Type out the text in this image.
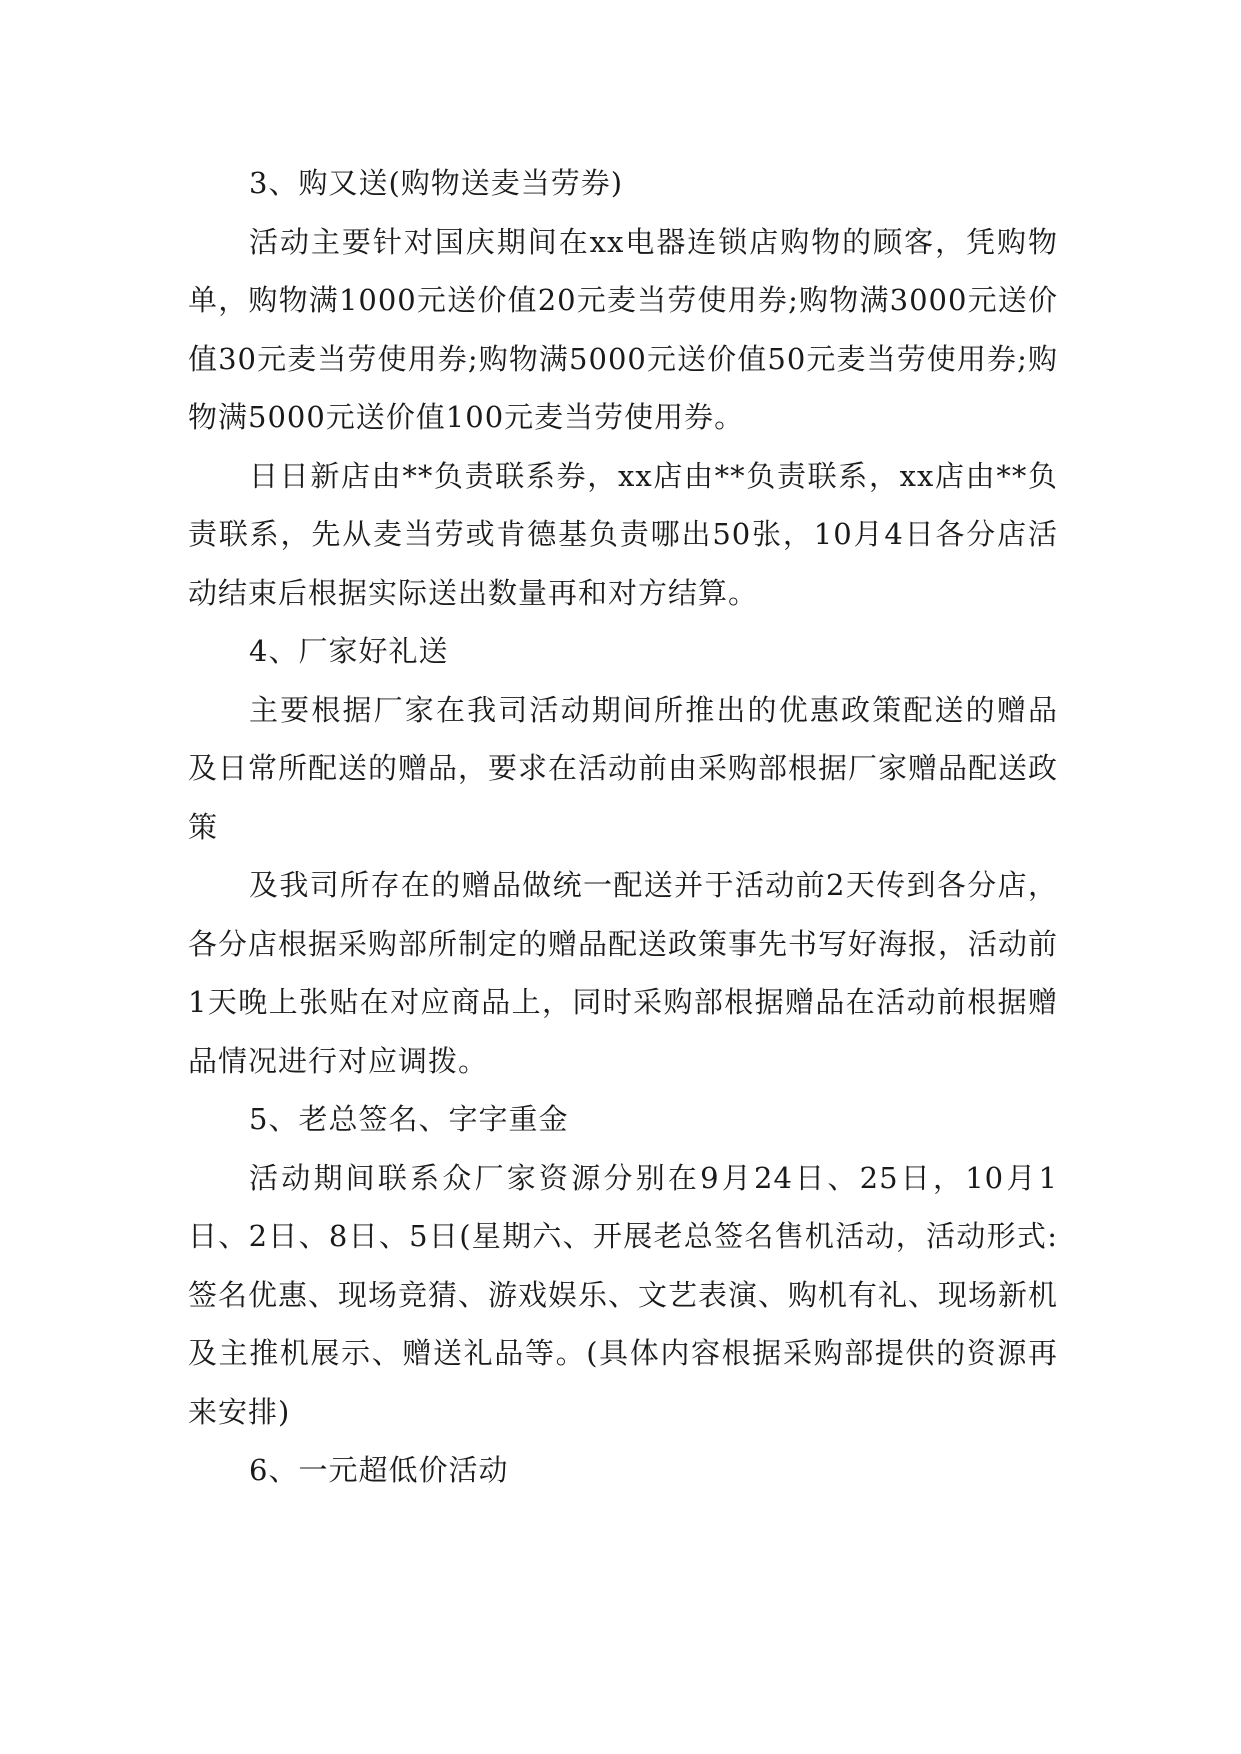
3、购又送(购物送麦当劳券)

活动主要针对国庆期间在xx电器连锁店购物的顾客，凭购物单，购物满1000元送价值20元麦当劳使用券;购物满3000元送价值30元麦当劳使用券;购物满5000元送价值50元麦当劳使用券;购物满5000元送价值100元麦当劳使用券。

日日新店由**负责联系券，xx店由**负责联系，xx店由**负责联系，先从麦当劳或肯德基负责哪出50张，10月4日各分店活动结束后根据实际送出数量再和对方结算。

4、厂家好礼送

主要根据厂家在我司活动期间所推出的优惠政策配送的赠品及日常所配送的赠品，要求在活动前由采购部根据厂家赠品配送政策

及我司所存在的赠品做统一配送并于活动前2天传到各分店，各分店根据采购部所制定的赠品配送政策事先书写好海报，活动前1天晚上张贴在对应商品上，同时采购部根据赠品在活动前根据赠品情况进行对应调拨。

5、老总签名、字字重金

活动期间联系众厂家资源分别在9月24日、25日，10月1日、2日、8日、5日(星期六、开展老总签名售机活动，活动形式:签名优惠、现场竞猜、游戏娱乐、文艺表演、购机有礼、现场新机及主推机展示、赠送礼品等。(具体内容根据采购部提供的资源再来安排)

6、一元超低价活动
